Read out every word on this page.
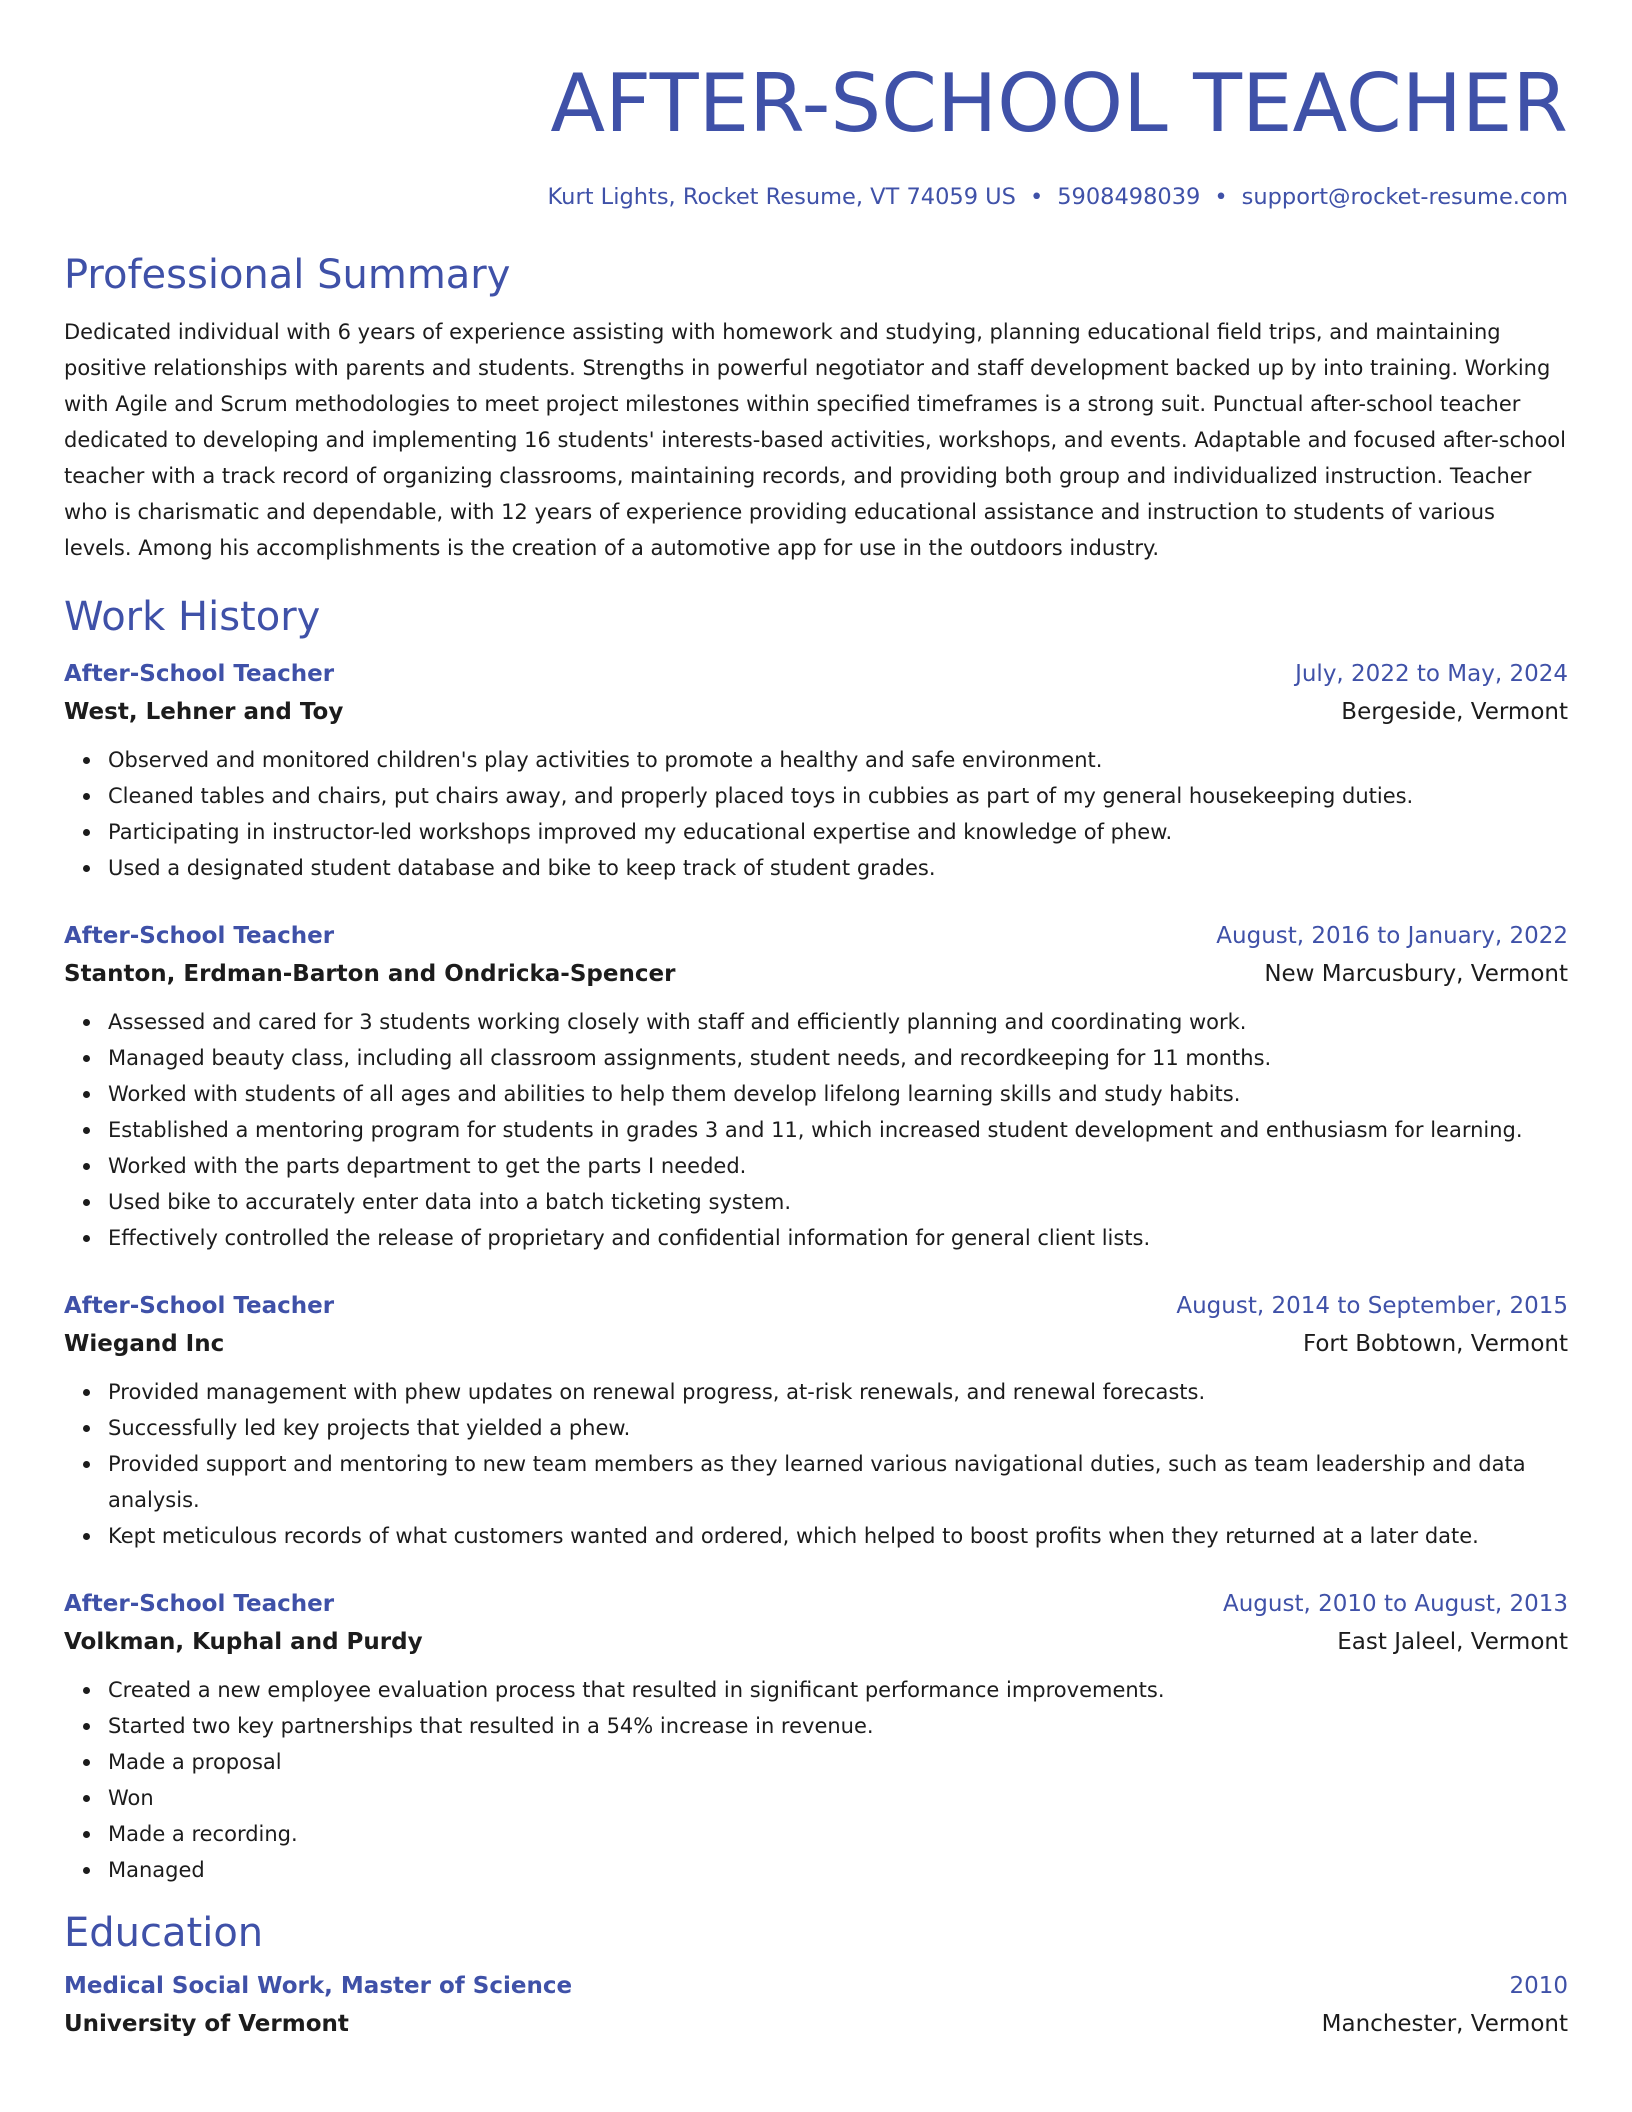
AFTER-SCHOOL TEACHER
Kurt Lights, Rocket Resume, VT 74059 US • 5908498039 • support@rocket-resume.com
Professional Summary
Dedicated individual with 6 years of experience assisting with homework and studying, planning educational field trips, and maintaining positive relationships with parents and students. Strengths in powerful negotiator and staff development backed up by into training. Working with Agile and Scrum methodologies to meet project milestones within specified timeframes is a strong suit. Punctual after-school teacher dedicated to developing and implementing 16 students' interests-based activities, workshops, and events. Adaptable and focused after-school teacher with a track record of organizing classrooms, maintaining records, and providing both group and individualized instruction. Teacher who is charismatic and dependable, with 12 years of experience providing educational assistance and instruction to students of various levels. Among his accomplishments is the creation of a automotive app for use in the outdoors industry.
Work History
After-School Teacher	July, 2022 to May, 2024
West, Lehner and Toy	Bergeside, Vermont
Observed and monitored children's play activities to promote a healthy and safe environment.
Cleaned tables and chairs, put chairs away, and properly placed toys in cubbies as part of my general housekeeping duties.
Participating in instructor-led workshops improved my educational expertise and knowledge of phew.
Used a designated student database and bike to keep track of student grades.
After-School Teacher	August, 2016 to January, 2022
Stanton, Erdman-Barton and Ondricka-Spencer	New Marcusbury, Vermont
Assessed and cared for 3 students working closely with staff and efficiently planning and coordinating work.
Managed beauty class, including all classroom assignments, student needs, and recordkeeping for 11 months.
Worked with students of all ages and abilities to help them develop lifelong learning skills and study habits.
Established a mentoring program for students in grades 3 and 11, which increased student development and enthusiasm for learning.
Worked with the parts department to get the parts I needed.
Used bike to accurately enter data into a batch ticketing system.
Effectively controlled the release of proprietary and confidential information for general client lists.
After-School Teacher	August, 2014 to September, 2015
Wiegand Inc	Fort Bobtown, Vermont
Provided management with phew updates on renewal progress, at-risk renewals, and renewal forecasts.
Successfully led key projects that yielded a phew.
Provided support and mentoring to new team members as they learned various navigational duties, such as team leadership and data analysis.
Kept meticulous records of what customers wanted and ordered, which helped to boost profits when they returned at a later date.
After-School Teacher	August, 2010 to August, 2013
Volkman, Kuphal and Purdy	East Jaleel, Vermont
Created a new employee evaluation process that resulted in significant performance improvements.
Started two key partnerships that resulted in a 54% increase in revenue.
Made a proposal
Won
Made a recording.
Managed
Education
Medical Social Work, Master of Science	2010
University of Vermont	Manchester, Vermont
